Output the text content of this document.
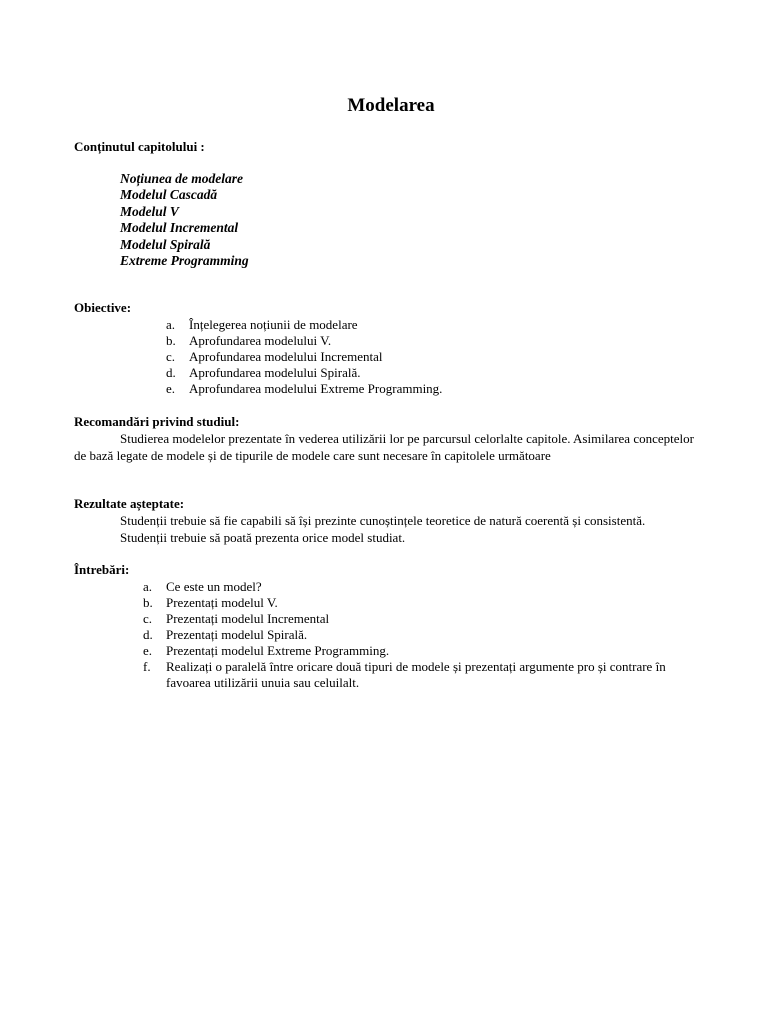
Modelarea
Conținutul capitolului :
Noțiunea de modelare
Modelul Cascadă
Modelul V
Modelul Incremental
Modelul Spirală
Extreme Programming
Obiective:
a.	Înțelegerea noțiunii de modelare
b.	Aprofundarea modelului V.
c.	Aprofundarea modelului Incremental
d.	Aprofundarea modelului Spirală.
e.	Aprofundarea modelului Extreme Programming.
Recomandări privind studiul:

Studierea modelelor prezentate în vederea utilizării lor pe parcursul celorlalte capitole. Asimilarea conceptelor de bază legate de modele și de tipurile de modele care sunt necesare în capitolele următoare

Rezultate așteptate:
Studenții trebuie să fie capabili să își prezinte cunoștințele teoretice de natură coerentă și consistentă.
Studenții trebuie să poată prezenta orice model studiat.
Întrebări:
a.	Ce este un model?
b.	Prezentați modelul V.
c.	Prezentați modelul Incremental
d.	Prezentați modelul Spirală.
e.	Prezentați modelul Extreme Programming.
f.	Realizați o paralelă între oricare două tipuri de modele și prezentați argumente pro și contrare în favoarea utilizării unuia sau celuilalt.
